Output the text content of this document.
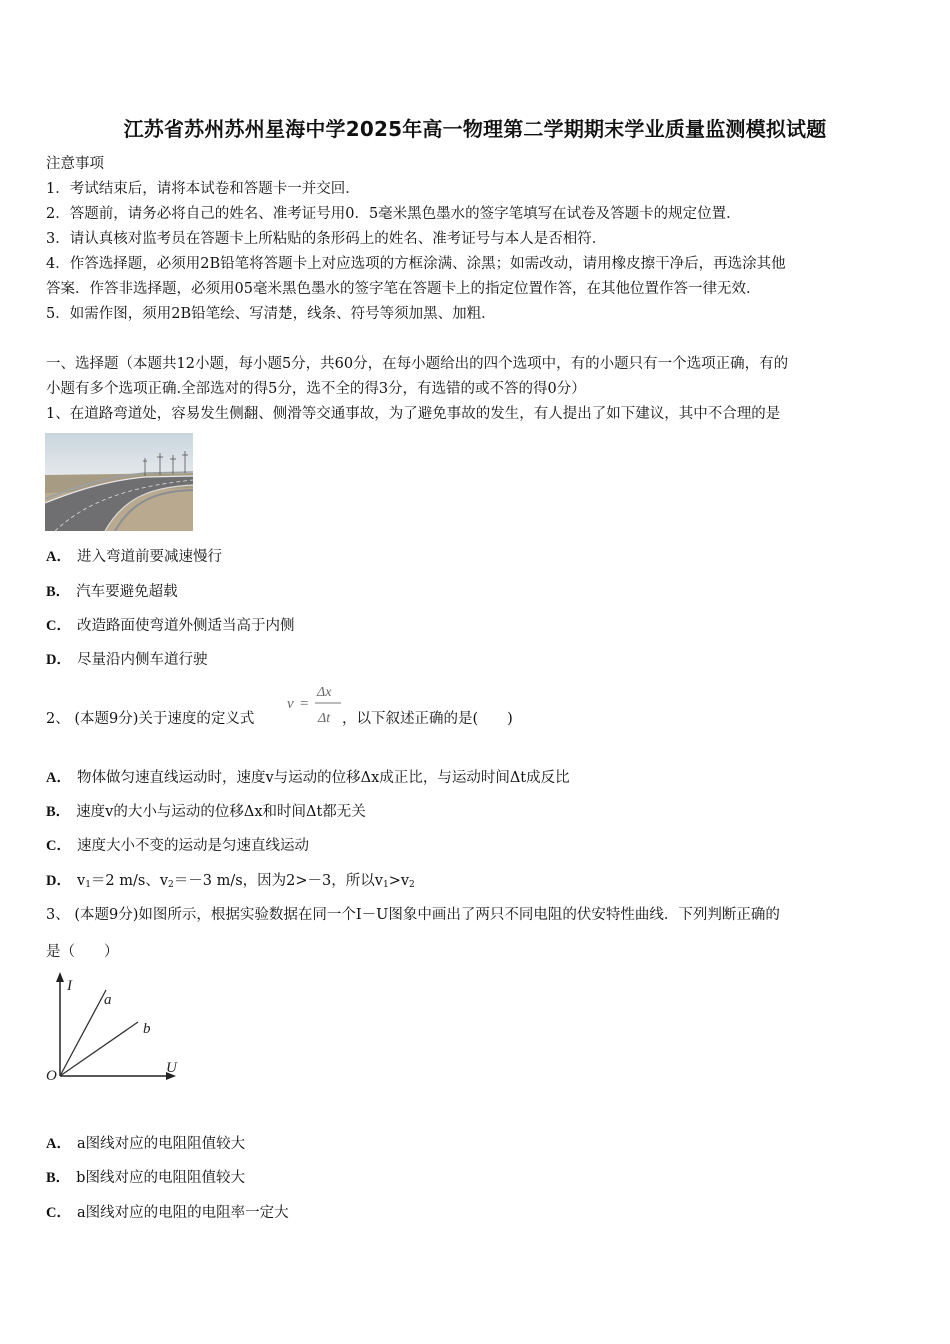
江苏省苏州苏州星海中学2025年高一物理第二学期期末学业质量监测模拟试题
注意事项
1．考试结束后，请将本试卷和答题卡一并交回．
2．答题前，请务必将自己的姓名、准考证号用0．5毫米黑色墨水的签字笔填写在试卷及答题卡的规定位置．
3．请认真核对监考员在答题卡上所粘贴的条形码上的姓名、准考证号与本人是否相符．
4．作答选择题，必须用2B铅笔将答题卡上对应选项的方框涂满、涂黑；如需改动，请用橡皮擦干净后，再选涂其他
答案．作答非选择题，必须用05毫米黑色墨水的签字笔在答题卡上的指定位置作答，在其他位置作答一律无效．
5．如需作图，须用2B铅笔绘、写清楚，线条、符号等须加黑、加粗．
一、选择题（本题共12小题，每小题5分，共60分，在每小题给出的四个选项中，有的小题只有一个选项正确，有的
小题有多个选项正确.全部选对的得5分，选不全的得3分，有选错的或不答的得0分）
1、在道路弯道处，容易发生侧翻、侧滑等交通事故，为了避免事故的发生，有人提出了如下建议，其中不合理的是
A． 进入弯道前要减速慢行
B． 汽车要避免超载
C． 改造路面使弯道外侧适当高于内侧
D． 尽量沿内侧车道行驶
2、 (本题9分)关于速度的定义式
v =
Δx
Δt ，以下叙述正确的是(　　)
A． 物体做匀速直线运动时，速度v与运动的位移Δx成正比，与运动时间Δt成反比
B． 速度v的大小与运动的位移Δx和时间Δt都无关
C． 速度大小不变的运动是匀速直线运动
D． $v_1=2$ m/s、$v_2=-3$ m/s，因为2>－3，所以$v_1>v_2$
3、 (本题9分)如图所示，根据实验数据在同一个I－U图象中画出了两只不同电阻的伏安特性曲线．下列判断正确的
是（　　）
I
U
O
a
b
A． a图线对应的电阻阻值较大
B． b图线对应的电阻阻值较大
C． a图线对应的电阻的电阻率一定大
